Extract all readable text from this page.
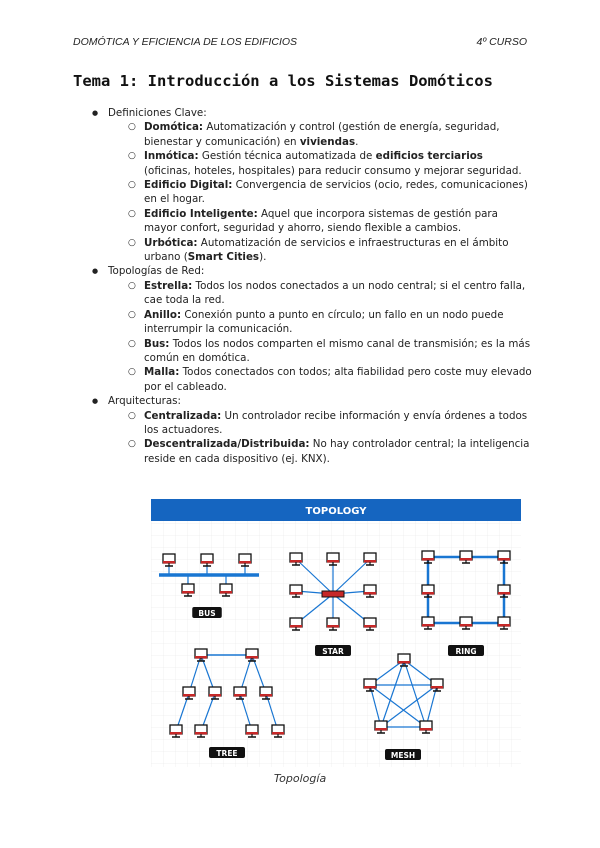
DOMÓTICA Y EFICIENCIA DE LOS EDIFICIOS	4º CURSO
Tema 1: Introducción a los Sistemas Domóticos
● Definiciones Clave:
○ Domótica: Automatización y control (gestión de energía, seguridad, bienestar y comunicación) en viviendas.
○ Inmótica: Gestión técnica automatizada de edificios terciarios (oficinas, hoteles, hospitales) para reducir consumo y mejorar seguridad.
○ Edificio Digital: Convergencia de servicios (ocio, redes, comunicaciones) en el hogar.
○ Edificio Inteligente: Aquel que incorpora sistemas de gestión para mayor confort, seguridad y ahorro, siendo flexible a cambios.
○ Urbótica: Automatización de servicios e infraestructuras en el ámbito urbano (Smart Cities).
● Topologías de Red:
○ Estrella: Todos los nodos conectados a un nodo central; si el centro falla, cae toda la red.
○ Anillo: Conexión punto a punto en círculo; un fallo en un nodo puede interrumpir la comunicación.
○ Bus: Todos los nodos comparten el mismo canal de transmisión; es la más común en domótica.
○ Malla: Todos conectados con todos; alta fiabilidad pero coste muy elevado por el cableado.
● Arquitecturas:
○ Centralizada: Un controlador recibe información y envía órdenes a todos los actuadores.
○ Descentralizada/Distribuida: No hay controlador central; la inteligencia reside en cada dispositivo (ej. KNX).
TOPOLOGY
BUS
STAR	RING
TREE	MESH
Topología
